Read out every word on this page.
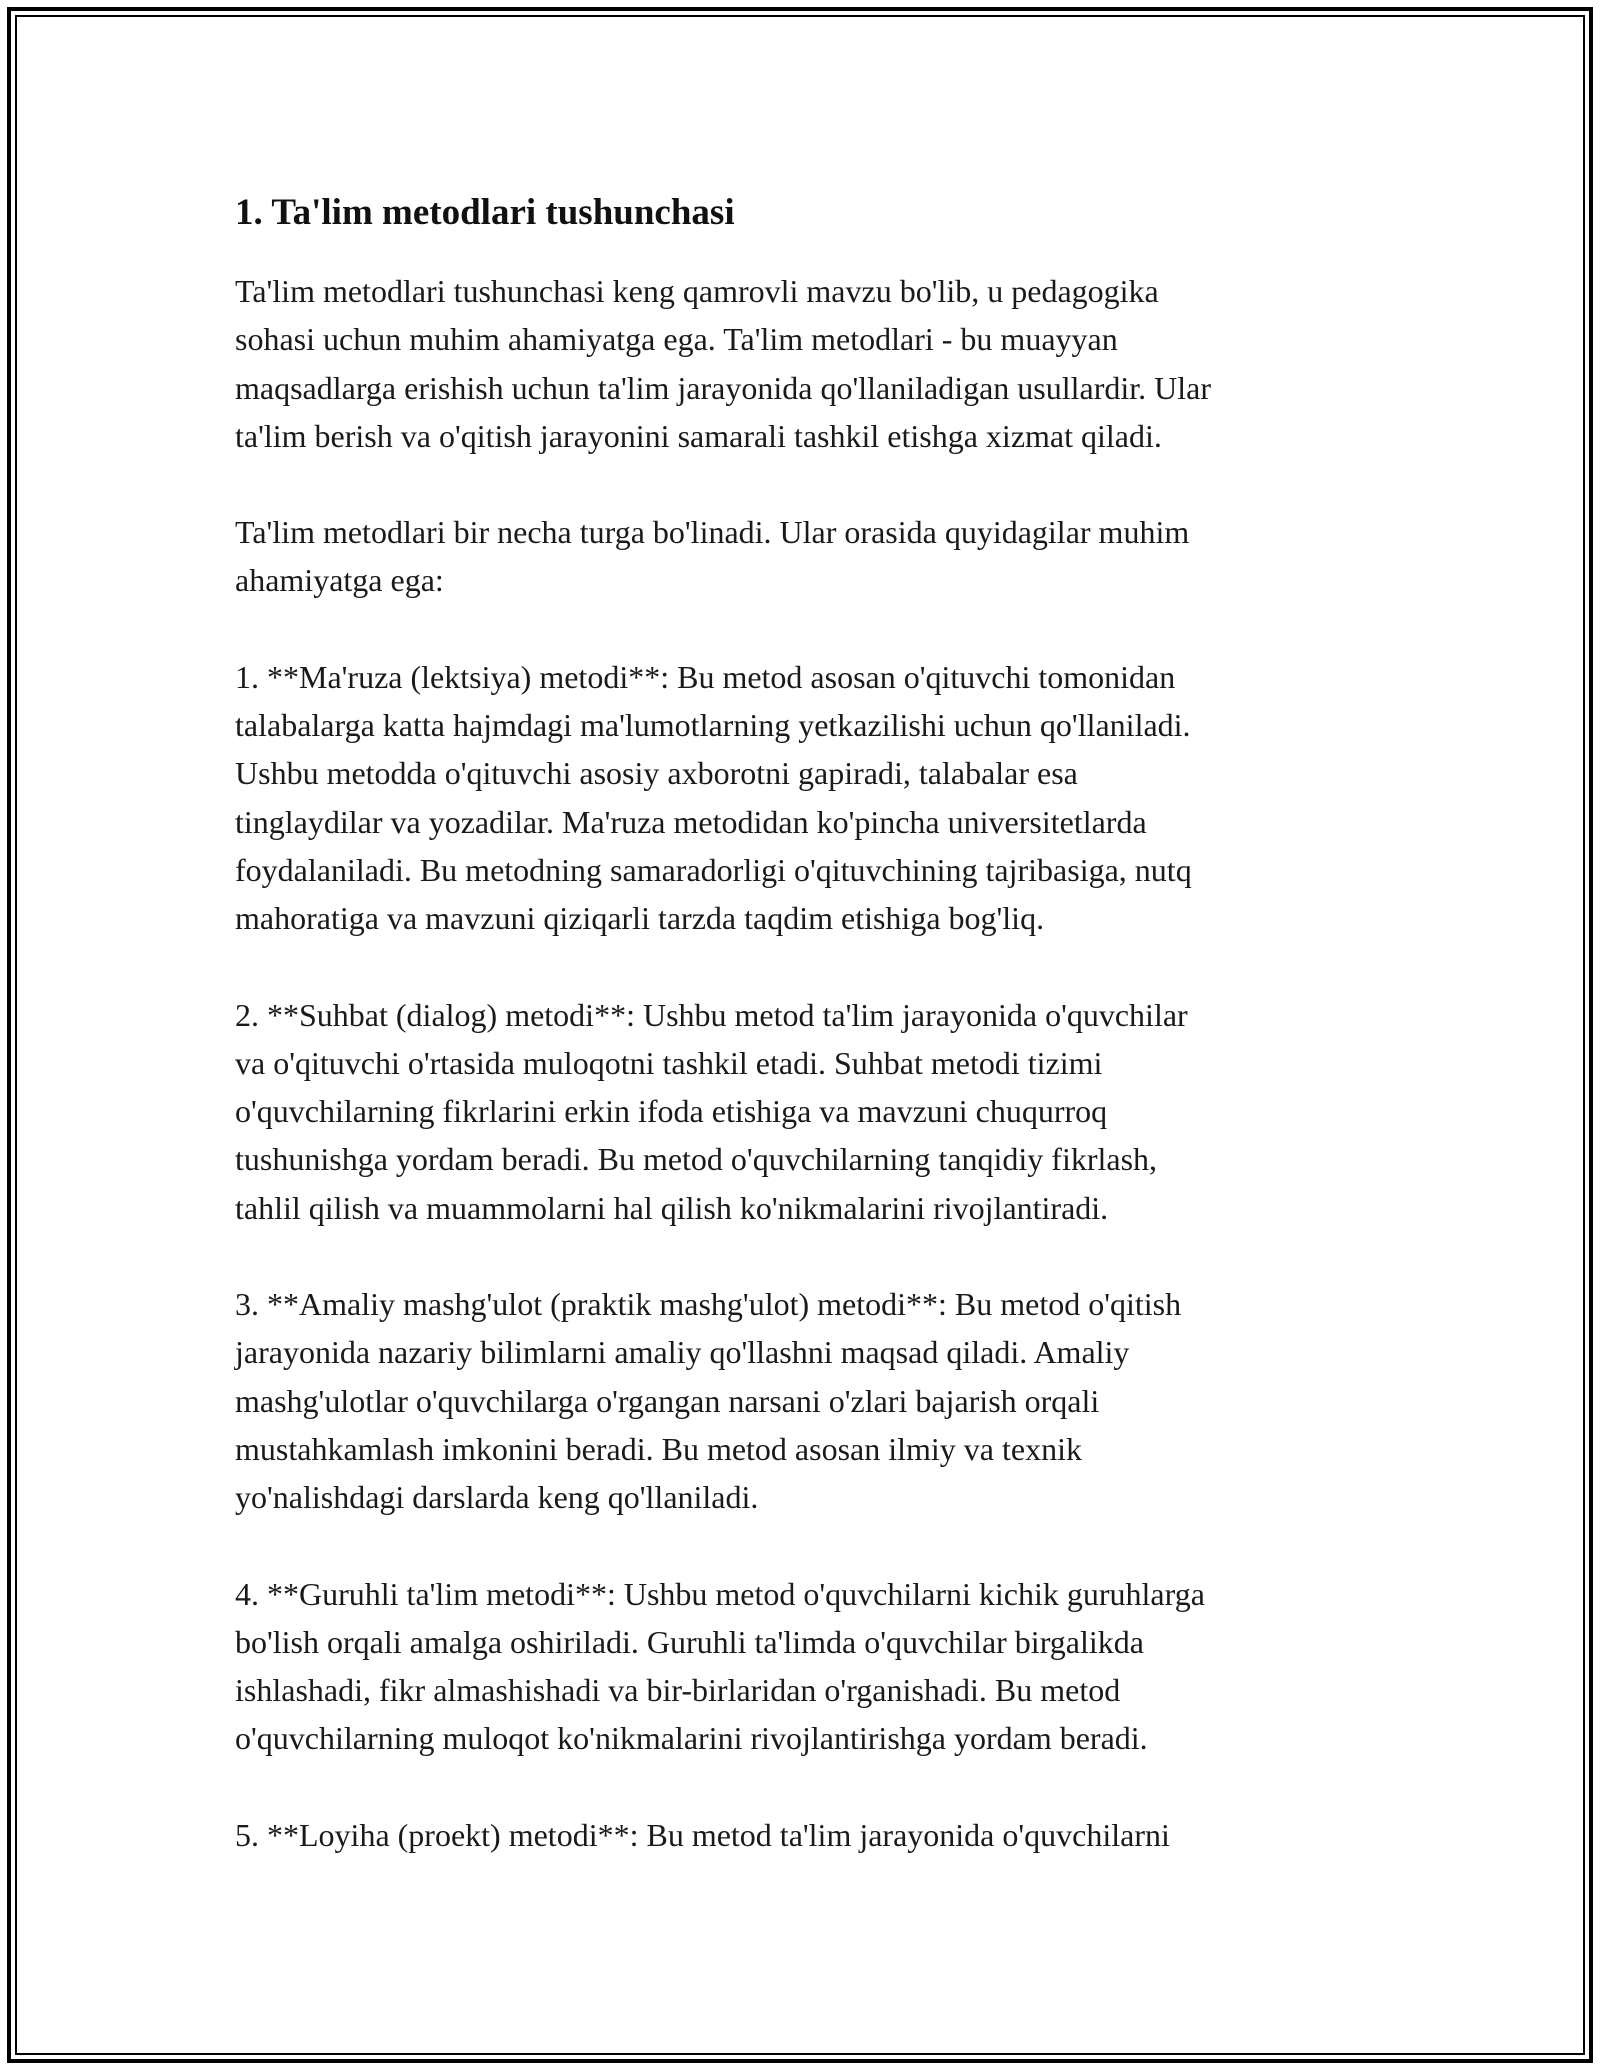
1. Ta'lim metodlari tushunchasi

Ta'lim metodlari tushunchasi keng qamrovli mavzu bo'lib, u pedagogika
sohasi uchun muhim ahamiyatga ega. Ta'lim metodlari - bu muayyan
maqsadlarga erishish uchun ta'lim jarayonida qo'llaniladigan usullardir. Ular
ta'lim berish va o'qitish jarayonini samarali tashkil etishga xizmat qiladi.

Ta'lim metodlari bir necha turga bo'linadi. Ular orasida quyidagilar muhim
ahamiyatga ega:

1. **Ma'ruza (lektsiya) metodi**: Bu metod asosan o'qituvchi tomonidan
talabalarga katta hajmdagi ma'lumotlarning yetkazilishi uchun qo'llaniladi.
Ushbu metodda o'qituvchi asosiy axborotni gapiradi, talabalar esa
tinglaydilar va yozadilar. Ma'ruza metodidan ko'pincha universitetlarda
foydalaniladi. Bu metodning samaradorligi o'qituvchining tajribasiga, nutq
mahoratiga va mavzuni qiziqarli tarzda taqdim etishiga bog'liq.

2. **Suhbat (dialog) metodi**: Ushbu metod ta'lim jarayonida o'quvchilar
va o'qituvchi o'rtasida muloqotni tashkil etadi. Suhbat metodi tizimi
o'quvchilarning fikrlarini erkin ifoda etishiga va mavzuni chuqurroq
tushunishga yordam beradi. Bu metod o'quvchilarning tanqidiy fikrlash,
tahlil qilish va muammolarni hal qilish ko'nikmalarini rivojlantiradi.

3. **Amaliy mashg'ulot (praktik mashg'ulot) metodi**: Bu metod o'qitish
jarayonida nazariy bilimlarni amaliy qo'llashni maqsad qiladi. Amaliy
mashg'ulotlar o'quvchilarga o'rgangan narsani o'zlari bajarish orqali
mustahkamlash imkonini beradi. Bu metod asosan ilmiy va texnik
yo'nalishdagi darslarda keng qo'llaniladi.

4. **Guruhli ta'lim metodi**: Ushbu metod o'quvchilarni kichik guruhlarga
bo'lish orqali amalga oshiriladi. Guruhli ta'limda o'quvchilar birgalikda
ishlashadi, fikr almashishadi va bir-birlaridan o'rganishadi. Bu metod
o'quvchilarning muloqot ko'nikmalarini rivojlantirishga yordam beradi.

5. **Loyiha (proekt) metodi**: Bu metod ta'lim jarayonida o'quvchilarni
